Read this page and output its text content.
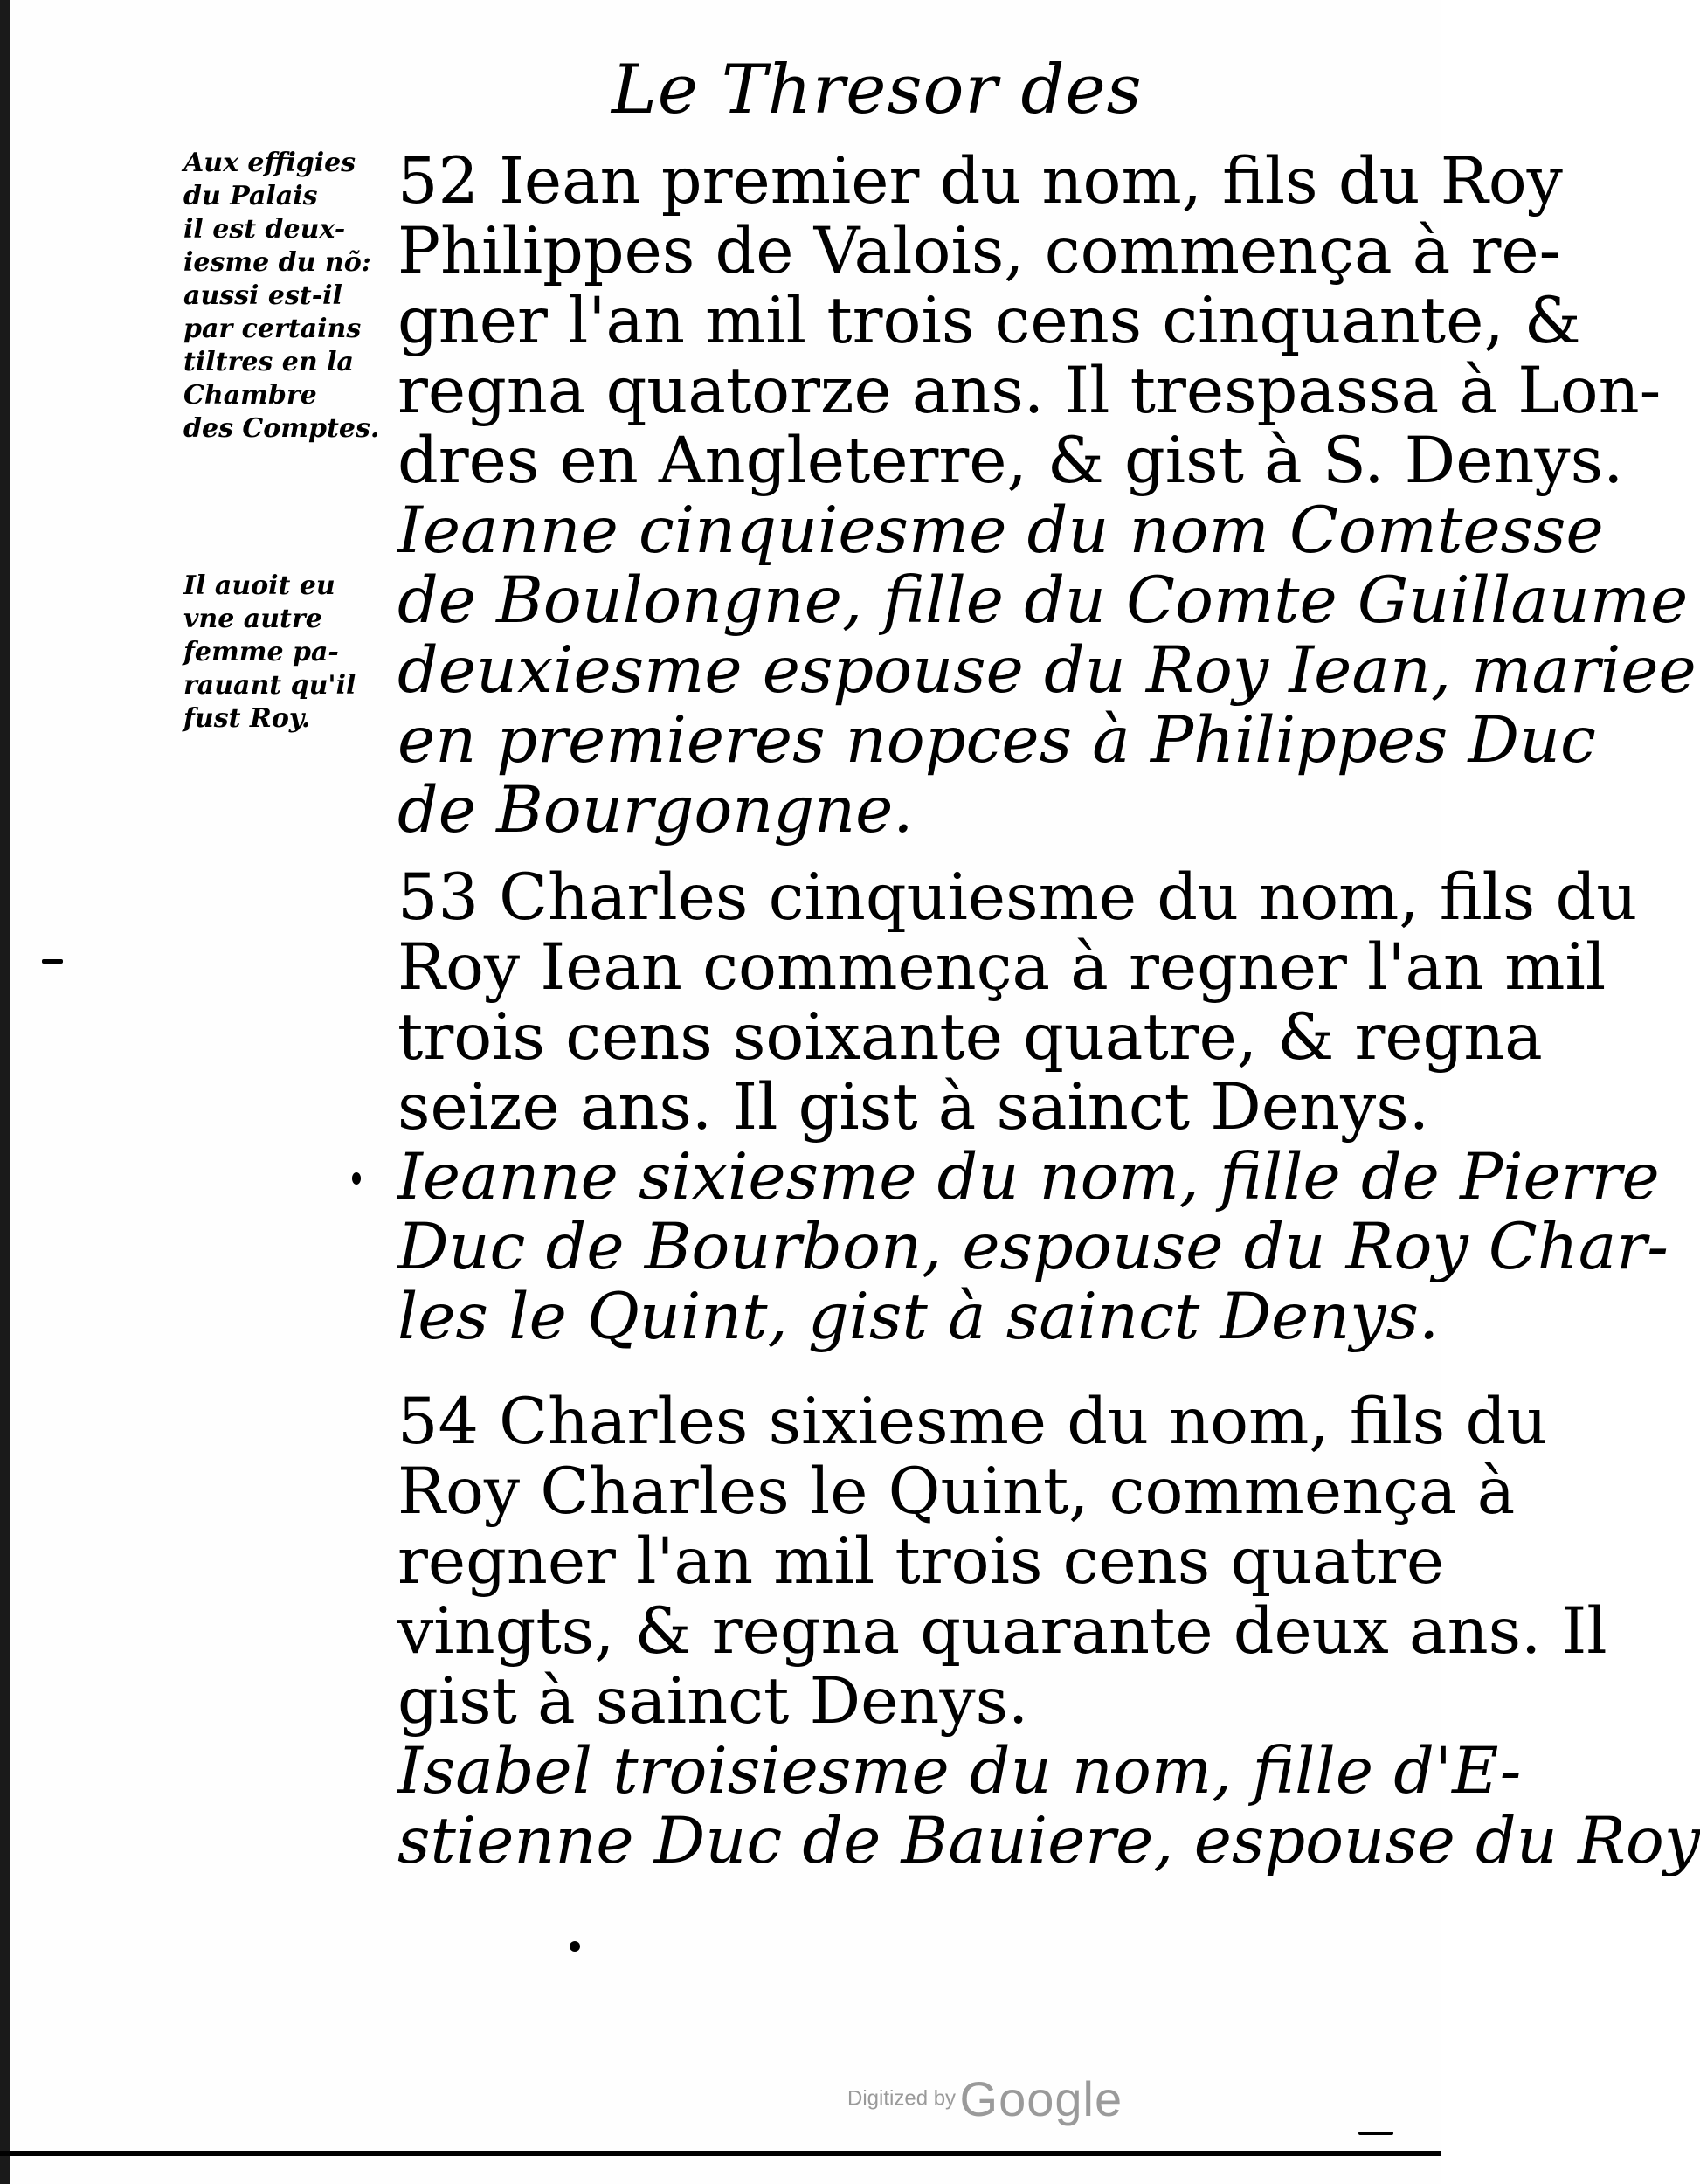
Le Thresor des
Aux effigies
du Palais
il est deux-
iesme du nõ:
aussi est-il
par certains
tiltres en la
Chambre
des Comptes.
Il auoit eu
vne autre
femme pa-
rauant qu'il
fust Roy.
52 Iean premier du nom, fils du Roy
Philippes de Valois, commença à re-
gner l'an mil trois cens cinquante, &
regna quatorze ans. Il trespassa à Lon-
dres en Angleterre, & gist à S. Denys.
Ieanne cinquiesme du nom Comtesse
de Boulongne, fille du Comte Guillaume
deuxiesme espouse du Roy Iean, mariee
en premieres nopces à Philippes Duc
de Bourgongne.
53 Charles cinquiesme du nom, fils du
Roy Iean commença à regner l'an mil
trois cens soixante quatre, & regna
seize ans. Il gist à sainct Denys.
Ieanne sixiesme du nom, fille de Pierre
Duc de Bourbon, espouse du Roy Char-
les le Quint, gist à sainct Denys.
54 Charles sixiesme du nom, fils du
Roy Charles le Quint, commença à
regner l'an mil trois cens quatre
vingts, & regna quarante deux ans. Il
gist à sainct Denys.
Isabel troisiesme du nom, fille d'E-
stienne Duc de Bauiere, espouse du Roy
Digitized by Google
